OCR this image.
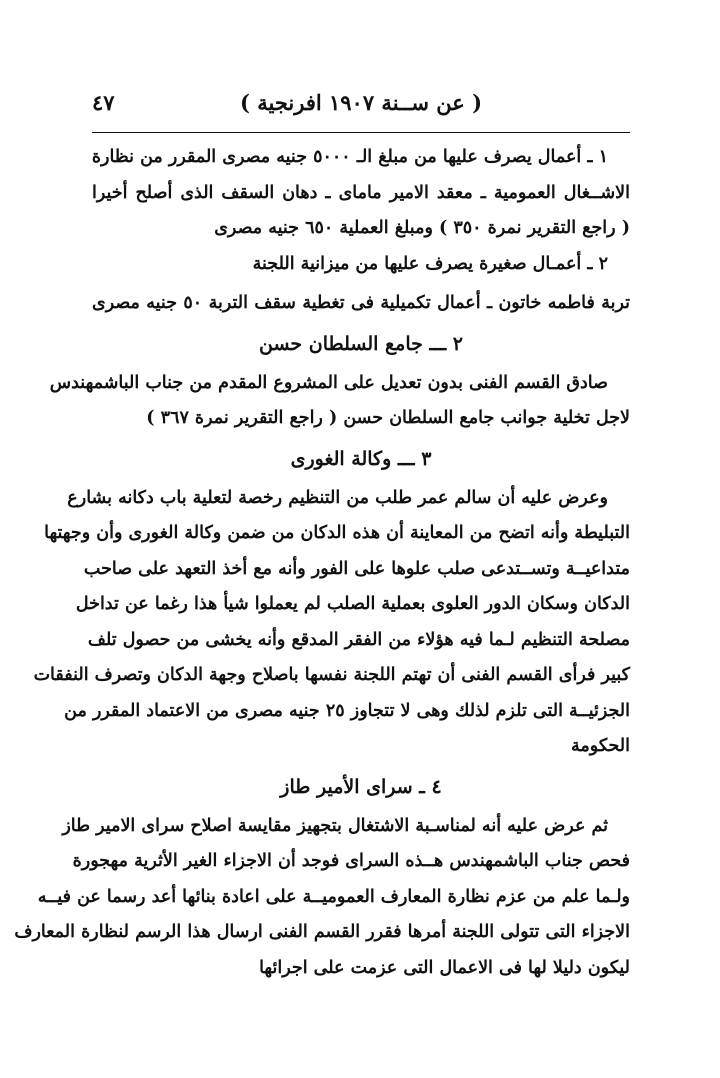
( عن ســنة ١٩٠٧ افرنجية )
٤٧
١ ـ أعمال يصرف عليها من مبلغ الـ ٥٠٠٠ جنيه مصرى المقرر من نظارة
الاشــغال العمومية ـ معقد الامير ماماى ـ دهان السقف الذى أصلح أخيرا
( راجع التقرير نمرة ٣٥٠ ) ومبلغ العملية ٦٥٠ جنيه مصرى
٢ ـ أعمـال صغيرة يصرف عليها من ميزانية اللجنة
تربة فاطمه خاتون ـ أعمال تكميلية فى تغطية سقف التربة ٥٠ جنيه مصرى
٢ ـــ جامع السلطان حسن
صادق القسم الفنى بدون تعديل على المشروع المقدم من جناب الباشمهندس
لاجل تخلية جوانب جامع السلطان حسن ( راجع التقرير نمرة ٣٦٧ )
٣ ـــ وكالة الغورى
وعرض عليه أن سالم عمر طلب من التنظيم رخصة لتعلية باب دكانه بشارع
التبليطة وأنه اتضح من المعاينة أن هذه الدكان من ضمن وكالة الغورى وأن وجهتها
متداعيــة وتســتدعى صلب علوها على الفور وأنه مع أخذ التعهد على صاحب
الدكان وسكان الدور العلوى بعملية الصلب لم يعملوا شيأ هذا رغما عن تداخل
مصلحة التنظيم لـما فيه هؤلاء من الفقر المدقع وأنه يخشى من حصول تلف
كبير فرأى القسم الفنى أن تهتم اللجنة نفسها باصلاح وجهة الدكان وتصرف النفقات
الجزئيــة التى تلزم لذلك وهى لا تتجاوز ٢٥ جنيه مصرى من الاعتماد المقرر من
الحكومة
٤ ـ سراى الأمير طاز
ثم عرض عليه أنه لمناسـبة الاشتغال بتجهيز مقايسة اصلاح سراى الامير طاز
فحص جناب الباشمهندس هــذه السراى فوجد أن الاجزاء الغير الأثرية مهجورة
ولـما علم من عزم نظارة المعارف العموميــة على اعادة بنائها أعد رسما عن فيــه
الاجزاء التى تتولى اللجنة أمرها فقرر القسم الفنى ارسال هذا الرسم لنظارة المعارف
ليكون دليلا لها فى الاعمال التى عزمت على اجرائها
